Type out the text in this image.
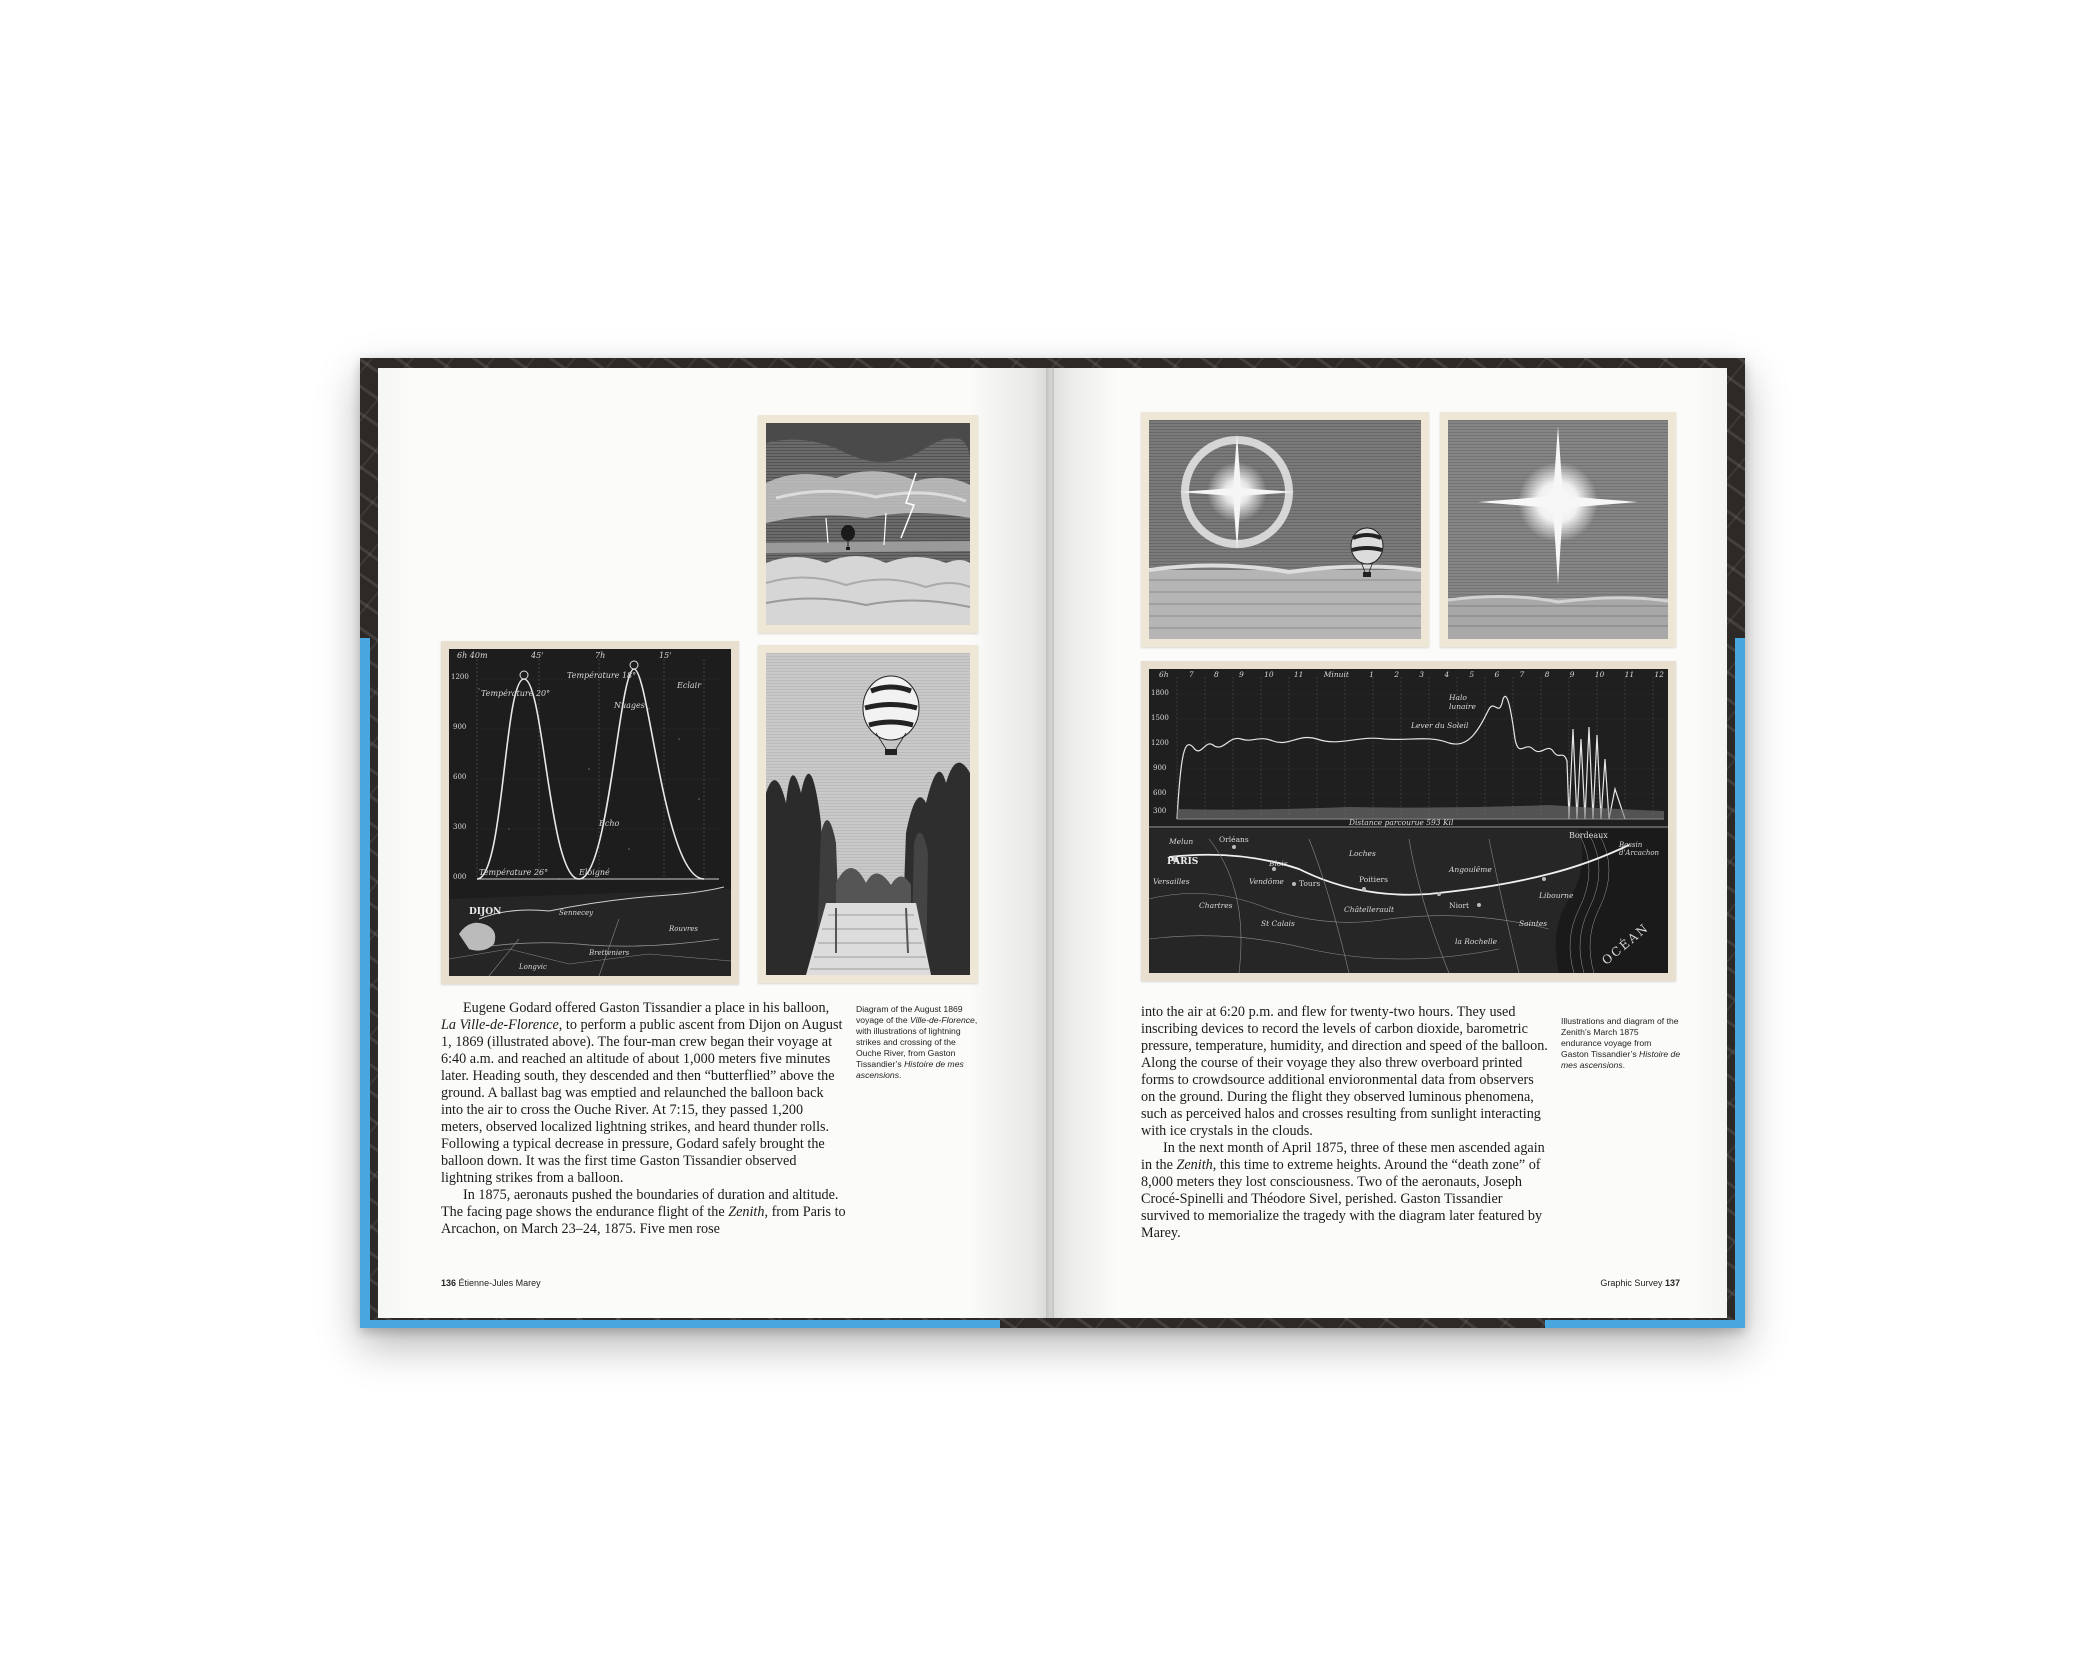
6h 40m	45'	7h	15'
1200
900
600
300
000
Température 20°
Température 18°
Température 26°
Eclair
Nuages
Echo
Eloigné
DIJON	Sennecey
Rouvres
Bretteniers
Longvic

Eugene Godard offered Gaston Tissandier a place in his balloon, La Ville-de-Florence, to perform a public ascent from Dijon on August 1, 1869 (illustrated above). The four-man crew began their voyage at 6:40 a.m. and reached an altitude of about 1,000 meters five minutes later. Heading south, they descended and then “butterflied” above the ground. A ballast bag was emptied and relaunched the balloon back into the air to cross the Ouche River. At 7:15, they passed 1,200 meters, observed localized lightning strikes, and heard thunder rolls. Following a typical decrease in pressure, Godard safely brought the balloon down. It was the first time Gaston Tissandier observed lightning strikes from a balloon.

In 1875, aeronauts pushed the boundaries of duration and altitude. The facing page shows the endurance flight of the Zenith, from Paris to Arcachon, on March 23–24, 1875. Five men rose

Diagram of the August 1869 voyage of the Ville-de-Florence, with illustrations of lightning strikes and crossing of the Ouche River, from Gaston Tissandier’s Histoire de mes ascensions.
136 Étienne-Jules Marey
6h	7	8	9	10	11	Minuit	1	2	3	4	5	6	7	8	9	10	11	12
1800
1500
1200
900
600
300
Halo lunaire
Lever du Soleil
Distance parcourue 593 Kil
Bordeaux
Bassin d'Arcachon
OCÉAN
PARIS
Versailles
Melun	Orléans
Chartres
Vendôme
Blois
Tours
St Calais
Loches
Châtellerault
Poitiers
Niort
la Rochelle
Angoulême
Libourne
Saintes

into the air at 6:20 p.m. and flew for twenty-two hours. They used inscribing devices to record the levels of carbon dioxide, barometric pressure, temperature, humidity, and direction and speed of the balloon. Along the course of their voyage they also threw overboard printed forms to crowdsource additional envioronmental data from observers on the ground. During the flight they observed luminous phenomena, such as perceived halos and crosses resulting from sunlight interacting with ice crystals in the clouds.

In the next month of April 1875, three of these men ascended again in the Zenith, this time to extreme heights. Around the “death zone” of 8,000 meters they lost consciousness. Two of the aeronauts, Joseph Crocé-Spinelli and Théodore Sivel, perished. Gaston Tissandier survived to memorialize the tragedy with the diagram later featured by Marey.

Illustrations and diagram of the Zenith’s March 1875 endurance voyage from Gaston Tissandier’s Histoire de mes ascensions.
Graphic Survey 137
